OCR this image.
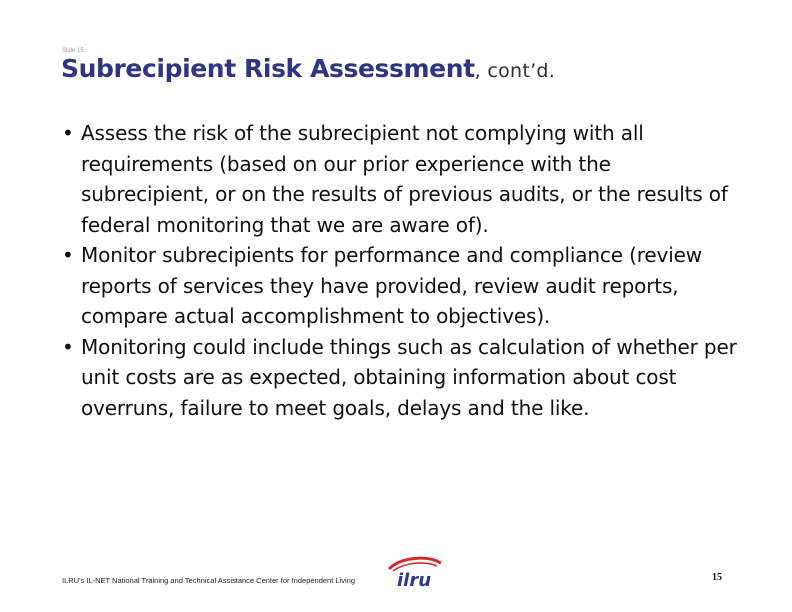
Slide 15
Subrecipient Risk Assessment, cont’d.
• Assess the risk of the subrecipient not complying with all requirements (based on our prior experience with the subrecipient, or on the results of previous audits, or the results of federal monitoring that we are aware of).
• Monitor subrecipients for performance and compliance (review reports of services they have provided, review audit reports, compare actual accomplishment to objectives).
• Monitoring could include things such as calculation of whether per unit costs are as expected, obtaining information about cost overruns, failure to meet goals, delays and the like.
ILRU's IL-NET National Training and Technical Assistance Center for Independent Living	ilru	15
